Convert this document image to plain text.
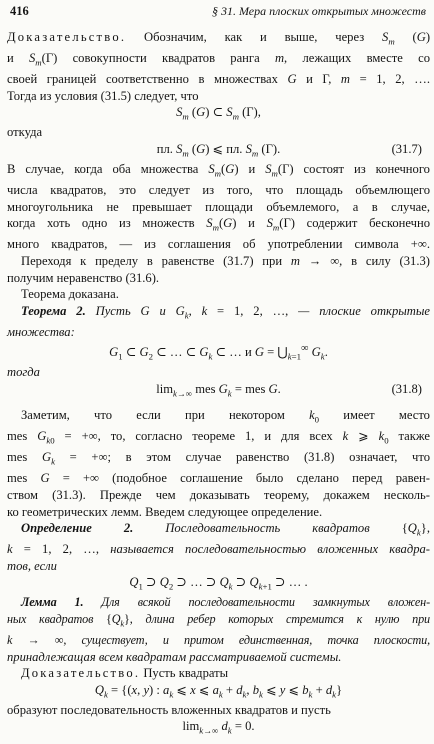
416	§ 31. Мера плоских открытых множеств

Доказательство. Обозначим, как и выше, через $S_m$ (G)

и $S_m(\Gamma)$ совокупности квадратов ранга m, лежащих вместе со

своей границей соответственно в множествах G и Γ, m = 1, 2, ….

Тогда из условия (31.5) следует, что

$S_m$ (G) ⊂ $S_m$ (Γ),

откуда

пл. $S_m$ (G) ⩽ пл. $S_m$ (Γ).	(31.7)

В случае, когда оба множества $S_m(G)$ и $S_m(\Gamma)$ состоят из конечного

числа квадратов, это следует из того, что площадь объемлющего

многоугольника не превышает площади объемлемого, а в случае,

когда хоть одно из множеств $S_m(G)$ и $S_m(\Gamma)$ содержит бесконечно

много квадратов, — из соглашения об употреблении символа +∞.

Переходя к пределу в равенстве (31.7) при m → ∞, в силу (31.3)

получим неравенство (31.6).

Теорема доказана.

Теорема 2. Пусть G и $G_k$, k = 1, 2, …, — плоские открытые

множества:

$G_1$ ⊂ $G_2$ ⊂ … ⊂ $G_k$ ⊂ … и $G = ⋃_{k=1}^\infty$ $G_k$.

тогда

$\lim_{k\to\infty}$ mes $G_k$ = mes G.	(31.8)

Заметим, что если при некотором $k_0$ имеет место

mes $G_{k0}$ = +∞, то, согласно теореме 1, и для всех k ⩾ $k_0$ также

mes $G_k$ = +∞; в этом случае равенство (31.8) означает, что

mes G = +∞ (подобное соглашение было сделано перед равен-

ством (31.3). Прежде чем доказывать теорему, докажем несколь-

ко геометрических лемм. Введем следующее определение.

Определение 2.	Последовательность квадратов $\{Q_k\}$,

k = 1, 2, …, называется последовательностью вложенных квадра-

тов, если

$Q_1$ ⊃ $Q_2$ ⊃ … ⊃ $Q_k$ ⊃ $Q_{k+1}$ ⊃ … .

Лемма 1. Для всякой последовательности замкнутых вложен-

ных квадратов $\{Q_k\}$, длина ребер которых стремится к нулю при

k → ∞, существует, и притом единственная, точка плоскости,

принадлежащая всем квадратам рассматриваемой системы.

Доказательство. Пусть квадраты

$Q_k = \{(x$, y) : $a_k$ ⩽ x ⩽ $a_k + d_k$, $b_k$ ⩽ y ⩽ $b_k + d_k$}

образуют последовательность вложенных квадратов и пусть

$\lim_{k\to\infty} d_k = 0$.
